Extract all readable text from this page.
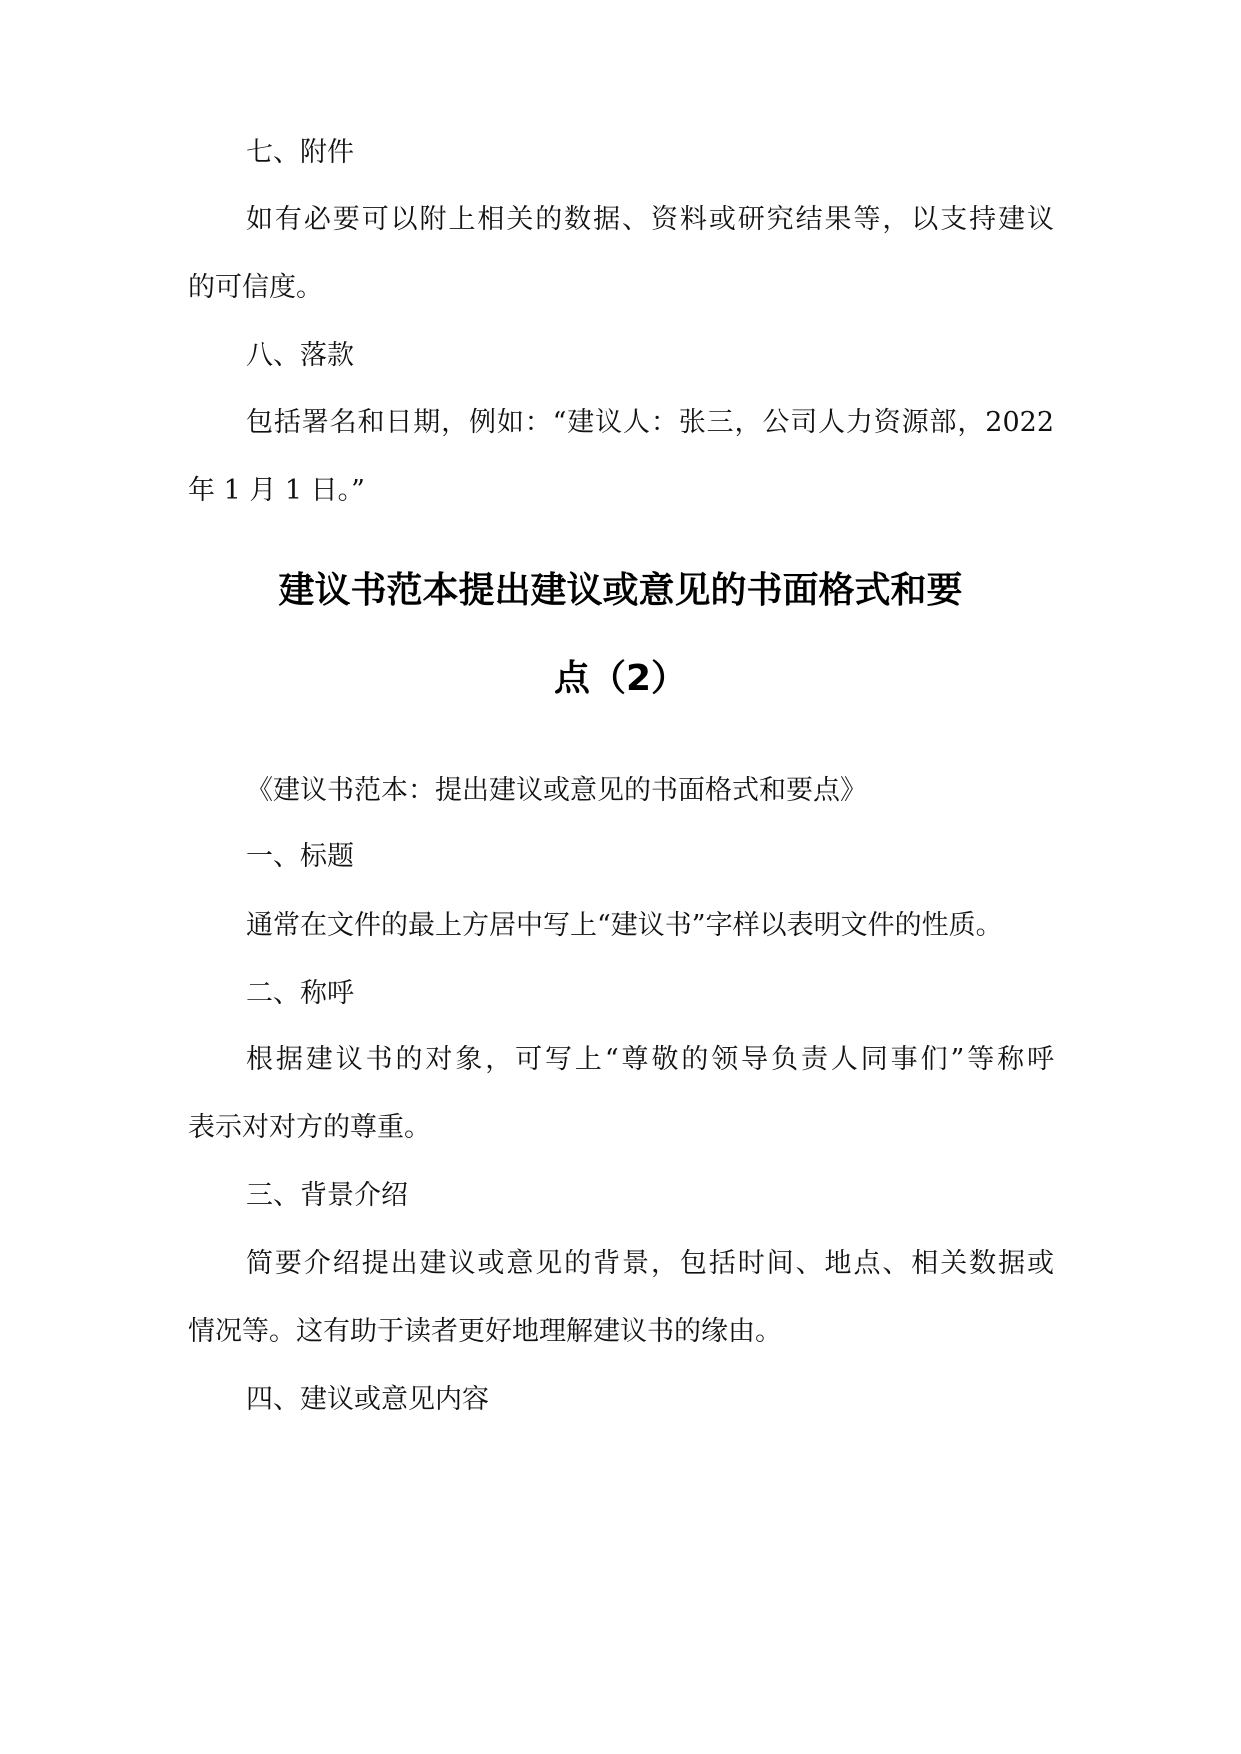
七、附件
如有必要可以附上相关的数据、资料或研究结果等，以支持建议
的可信度。
八、落款
包括署名和日期，例如：“建议人：张三，公司人力资源部，2022
年 1 月 1 日。”
建议书范本提出建议或意见的书面格式和要
点（2）
《建议书范本：提出建议或意见的书面格式和要点》
一、标题
通常在文件的最上方居中写上“建议书”字样以表明文件的性质。
二、称呼
根据建议书的对象，可写上“尊敬的领导负责人同事们”等称呼
表示对对方的尊重。
三、背景介绍
简要介绍提出建议或意见的背景，包括时间、地点、相关数据或
情况等。这有助于读者更好地理解建议书的缘由。
四、建议或意见内容
